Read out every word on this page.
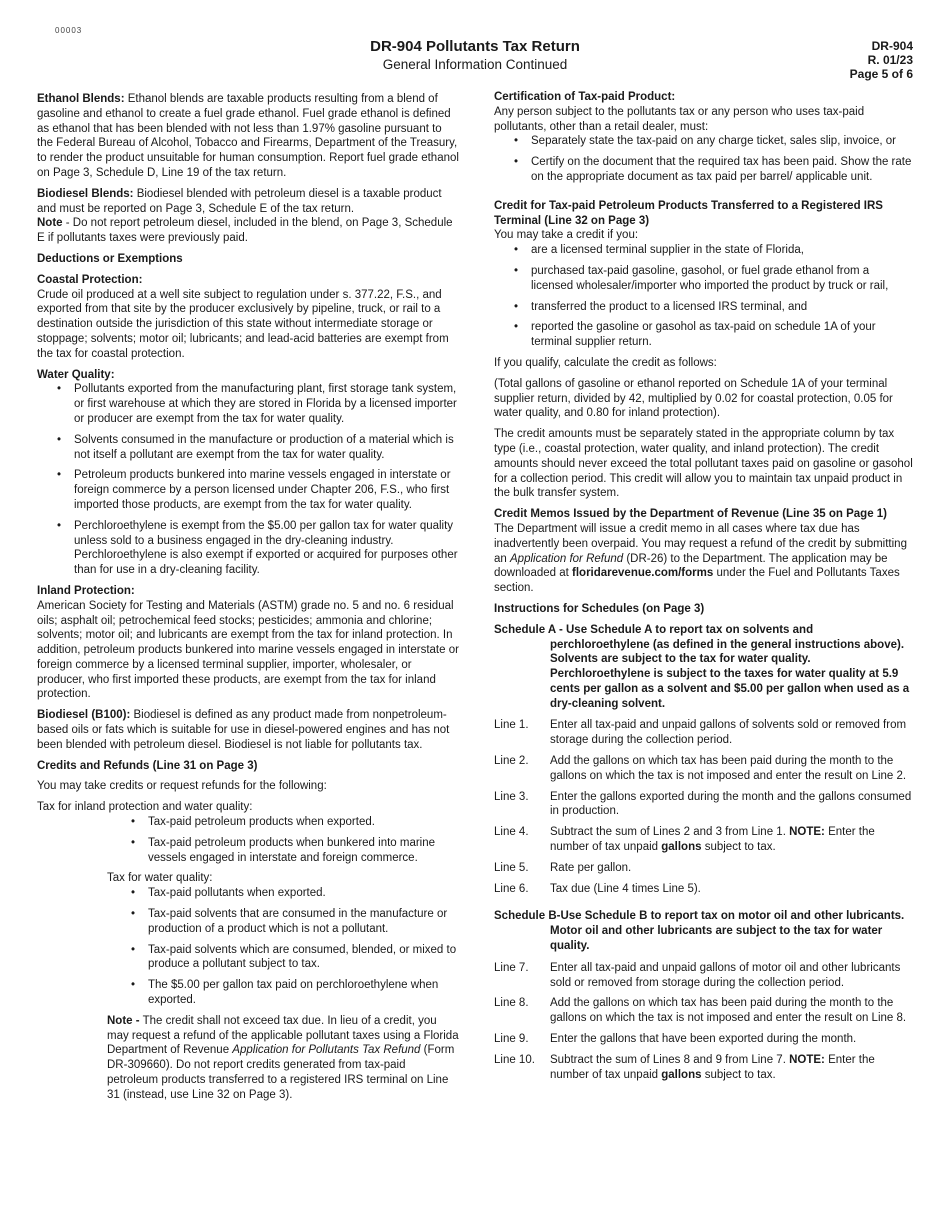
00003
DR-904 Pollutants Tax Return
General Information Continued
DR-904
R. 01/23
Page 5 of 6

Ethanol Blends: Ethanol blends are taxable products resulting from a blend of gasoline and ethanol to create a fuel grade ethanol. Fuel grade ethanol is defined as ethanol that has been blended with not less than 1.97% gasoline pursuant to the Federal Bureau of Alcohol, Tobacco and Firearms, Department of the Treasury, to render the product unsuitable for human consumption. Report fuel grade ethanol on Page 3, Schedule D, Line 19 of the tax return.

Biodiesel Blends: Biodiesel blended with petroleum diesel is a taxable product and must be reported on Page 3, Schedule E of the tax return.
Note - Do not report petroleum diesel, included in the blend, on Page 3, Schedule E if pollutants taxes were previously paid.

Deductions or Exemptions

Coastal Protection:
Crude oil produced at a well site subject to regulation under s. 377.22, F.S., and exported from that site by the producer exclusively by pipeline, truck, or rail to a destination outside the jurisdiction of this state without intermediate storage or stoppage; solvents; motor oil; lubricants; and lead-acid batteries are exempt from the tax for coastal protection.
Water Quality:
• Pollutants exported from the manufacturing plant, first storage tank system, or first warehouse at which they are stored in Florida by a licensed importer or producer are exempt from the tax for water quality.
• Solvents consumed in the manufacture or production of a material which is not itself a pollutant are exempt from the tax for water quality.
• Petroleum products bunkered into marine vessels engaged in interstate or foreign commerce by a person licensed under Chapter 206, F.S., who first imported those products, are exempt from the tax for water quality.
• Perchloroethylene is exempt from the $5.00 per gallon tax for water quality unless sold to a business engaged in the dry-cleaning industry. Perchloroethylene is also exempt if exported or acquired for purposes other than for use in a dry-cleaning facility.
Inland Protection:
American Society for Testing and Materials (ASTM) grade no. 5 and no. 6 residual oils; asphalt oil; petrochemical feed stocks; pesticides; ammonia and chlorine; solvents; motor oil; and lubricants are exempt from the tax for inland protection. In addition, petroleum products bunkered into marine vessels engaged in interstate or foreign commerce by a licensed terminal supplier, importer, wholesaler, or producer, who first imported these products, are exempt from the tax for inland protection.

Biodiesel (B100): Biodiesel is defined as any product made from nonpetroleum-based oils or fats which is suitable for use in diesel-powered engines and has not been blended with petroleum diesel. Biodiesel is not liable for pollutants tax.

Credits and Refunds (Line 31 on Page 3)

You may take credits or request refunds for the following:

Tax for inland protection and water quality:
• Tax-paid petroleum products when exported.
• Tax-paid petroleum products when bunkered into marine vessels engaged in interstate and foreign commerce.
Tax for water quality:
• Tax-paid pollutants when exported.
• Tax-paid solvents that are consumed in the manufacture or production of a product which is not a pollutant.
• Tax-paid solvents which are consumed, blended, or mixed to produce a pollutant subject to tax.
• The $5.00 per gallon tax paid on perchloroethylene when exported.
Note - The credit shall not exceed tax due. In lieu of a credit, you may request a refund of the applicable pollutant taxes using a Florida Department of Revenue Application for Pollutants Tax Refund (Form DR-309660). Do not report credits generated from tax-paid petroleum products transferred to a registered IRS terminal on Line 31 (instead, use Line 32 on Page 3).
Certification of Tax-paid Product:
Any person subject to the pollutants tax or any person who uses tax-paid pollutants, other than a retail dealer, must:
• Separately state the tax-paid on any charge ticket, sales slip, invoice, or
• Certify on the document that the required tax has been paid. Show the rate on the appropriate document as tax paid per barrel/ applicable unit.
Credit for Tax-paid Petroleum Products Transferred to a Registered IRS Terminal (Line 32 on Page 3)
You may take a credit if you:
• are a licensed terminal supplier in the state of Florida,
• purchased tax-paid gasoline, gasohol, or fuel grade ethanol from a licensed wholesaler/importer who imported the product by truck or rail,
• transferred the product to a licensed IRS terminal, and
• reported the gasoline or gasohol as tax-paid on schedule 1A of your terminal supplier return.

If you qualify, calculate the credit as follows:

(Total gallons of gasoline or ethanol reported on Schedule 1A of your terminal supplier return, divided by 42, multiplied by 0.02 for coastal protection, 0.05 for water quality, and 0.80 for inland protection).

The credit amounts must be separately stated in the appropriate column by tax type (i.e., coastal protection, water quality, and inland protection). The credit amounts should never exceed the total pollutant taxes paid on gasoline or gasohol for a collection period. This credit will allow you to maintain tax unpaid product in the bulk transfer system.

Credit Memos Issued by the Department of Revenue (Line 35 on Page 1)

The Department will issue a credit memo in all cases where tax due has inadvertently been overpaid. You may request a refund of the credit by submitting an Application for Refund (DR-26) to the Department. The application may be downloaded at floridarevenue.com/forms under the Fuel and Pollutants Taxes section.

Instructions for Schedules (on Page 3)

Schedule A - Use Schedule A to report tax on solvents and perchloroethylene (as defined in the general instructions above). Solvents are subject to the tax for water quality. Perchloroethylene is subject to the taxes for water quality at 5.9 cents per gallon as a solvent and $5.00 per gallon when used as a dry-cleaning solvent.
Line 1.	Enter all tax-paid and unpaid gallons of solvents sold or removed from storage during the collection period.
Line 2.	Add the gallons on which tax has been paid during the month to the gallons on which the tax is not imposed and enter the result on Line 2.
Line 3.	Enter the gallons exported during the month and the gallons consumed in production.
Line 4.	Subtract the sum of Lines 2 and 3 from Line 1. NOTE: Enter the number of tax unpaid gallons subject to tax.
Line 5.	Rate per gallon.
Line 6.	Tax due (Line 4 times Line 5).
Schedule B-Use Schedule B to report tax on motor oil and other lubricants. Motor oil and other lubricants are subject to the tax for water quality.
Line 7.	Enter all tax-paid and unpaid gallons of motor oil and other lubricants sold or removed from storage during the collection period.
Line 8.	Add the gallons on which tax has been paid during the month to the gallons on which the tax is not imposed and enter the result on Line 8.
Line 9.	Enter the gallons that have been exported during the month.
Line 10.	Subtract the sum of Lines 8 and 9 from Line 7. NOTE: Enter the number of tax unpaid gallons subject to tax.
